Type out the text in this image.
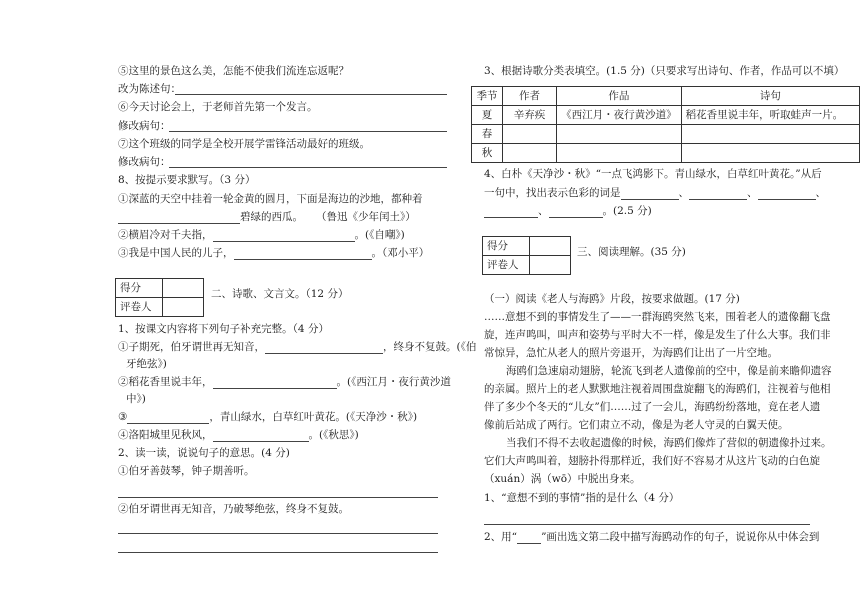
⑤这里的景色这么美，怎能不使我们流连忘返呢？
改为陈述句：
⑥今天讨论会上，于老师首先第一个发言。
修改病句：
⑦这个班级的同学是全校开展学雷锋活动最好的班级。
修改病句：
8、按提示要求默写。（3 分）
①深蓝的天空中挂着一轮金黄的圆月，下面是海边的沙地，都种着
碧绿的西瓜。 （鲁迅《少年闰土》）
②横眉冷对千夫指，	。(《自嘲》)
③我是中国人民的儿子，	。（邓小平）
得分	
评卷人	
二、诗歌、文言文。（12 分）
1、按课文内容将下列句子补充完整。（4 分）
①子期死，伯牙谓世再无知音，	，终身不复鼓。(《伯
牙绝弦》)
②稻花香里说丰年，	。(《西江月・夜行黄沙道
中》)
③	，青山绿水，白草红叶黄花。(《天净沙・秋》)
④洛阳城里见秋风，	。(《秋思》)
2、读一读，说说句子的意思。(4 分)
①伯牙善鼓琴，钟子期善听。
②伯牙谓世再无知音，乃破琴绝弦，终身不复鼓。
3、根据诗歌分类表填空。(1.5 分)（只要求写出诗句、作者，作品可以不填）
季节	作者	作品	诗句
夏	辛弃疾	《西江月・夜行黄沙道》	稻花香里说丰年，听取蛙声一片。
春			
秋			
4、白朴《天净沙・秋》“一点飞鸿影下。青山绿水，白草红叶黄花。”从后
一句中，找出表示色彩的词是	、	、	、
、	。(2.5 分)
得分	
评卷人	
三、阅读理解。(35 分)
（一）阅读《老人与海鸥》片段，按要求做题。(17 分)
……意想不到的事情发生了——一群海鸥突然飞来，围着老人的遗像翻飞盘
旋，连声鸣叫，叫声和姿势与平时大不一样，像是发生了什么大事。我们非
常惊异，急忙从老人的照片旁退开，为海鸥们让出了一片空地。
海鸥们急速扇动翅膀，轮流飞到老人遗像前的空中，像是前来瞻仰遗容
的亲属。照片上的老人默默地注视着周围盘旋翻飞的海鸥们，注视着与他相
伴了多少个冬天的“儿女”们……过了一会儿，海鸥纷纷落地，竟在老人遗
像前后站成了两行。它们肃立不动，像是为老人守灵的白翼天使。
当我们不得不去收起遗像的时候，海鸥们像炸了营似的朝遗像扑过来。
它们大声鸣叫着，翅膀扑得那样近，我们好不容易才从这片飞动的白色旋
（xuán）涡（wō）中脱出身来。
1、“意想不到的事情”指的是什么（4 分）
2、用“ ”画出选文第二段中描写海鸥动作的句子，说说你从中体会到
